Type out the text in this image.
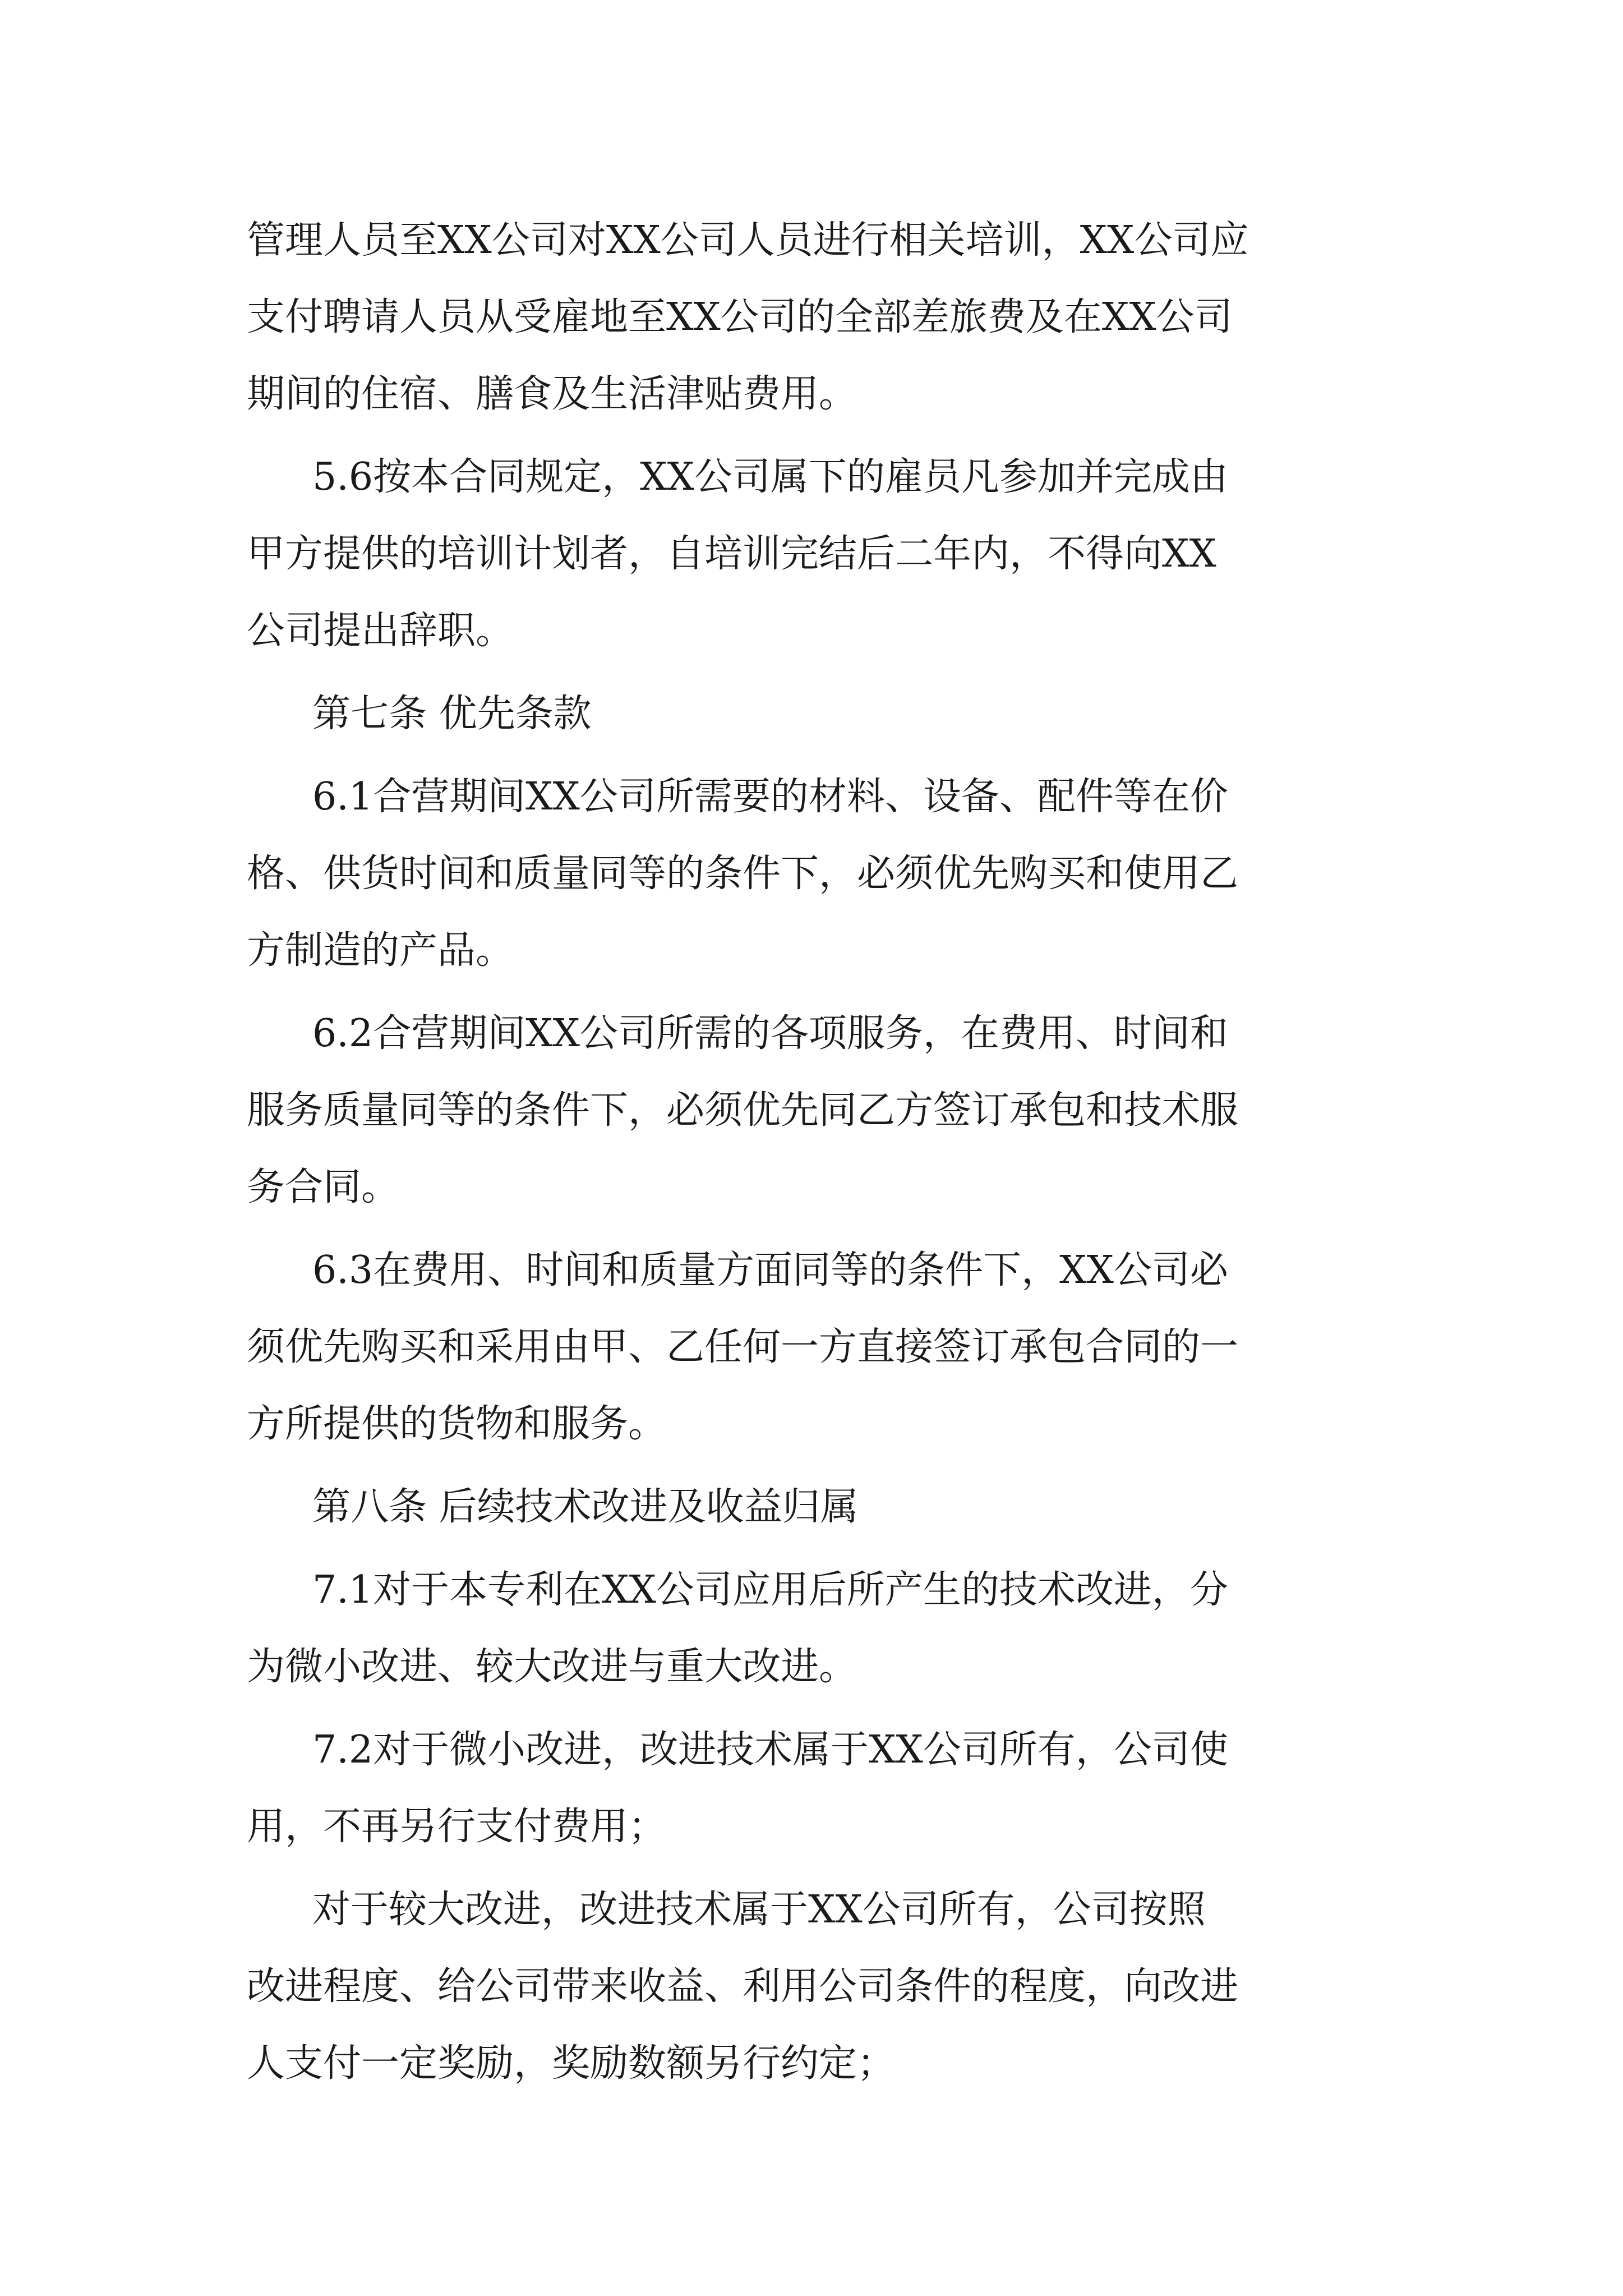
管理人员至XX公司对XX公司人员进行相关培训，XX公司应
支付聘请人员从受雇地至XX公司的全部差旅费及在XX公司
期间的住宿、膳食及生活津贴费用。

5.6按本合同规定，XX公司属下的雇员凡参加并完成由
甲方提供的培训计划者，自培训完结后二年内，不得向XX
公司提出辞职。

第七条 优先条款

6.1合营期间XX公司所需要的材料、设备、配件等在价
格、供货时间和质量同等的条件下，必须优先购买和使用乙
方制造的产品。

6.2合营期间XX公司所需的各项服务，在费用、时间和
服务质量同等的条件下，必须优先同乙方签订承包和技术服
务合同。

6.3在费用、时间和质量方面同等的条件下，XX公司必
须优先购买和采用由甲、乙任何一方直接签订承包合同的一
方所提供的货物和服务。

第八条 后续技术改进及收益归属

7.1对于本专利在XX公司应用后所产生的技术改进，分
为微小改进、较大改进与重大改进。

7.2对于微小改进，改进技术属于XX公司所有，公司使
用，不再另行支付费用；

对于较大改进，改进技术属于XX公司所有，公司按照
改进程度、给公司带来收益、利用公司条件的程度，向改进
人支付一定奖励，奖励数额另行约定；
